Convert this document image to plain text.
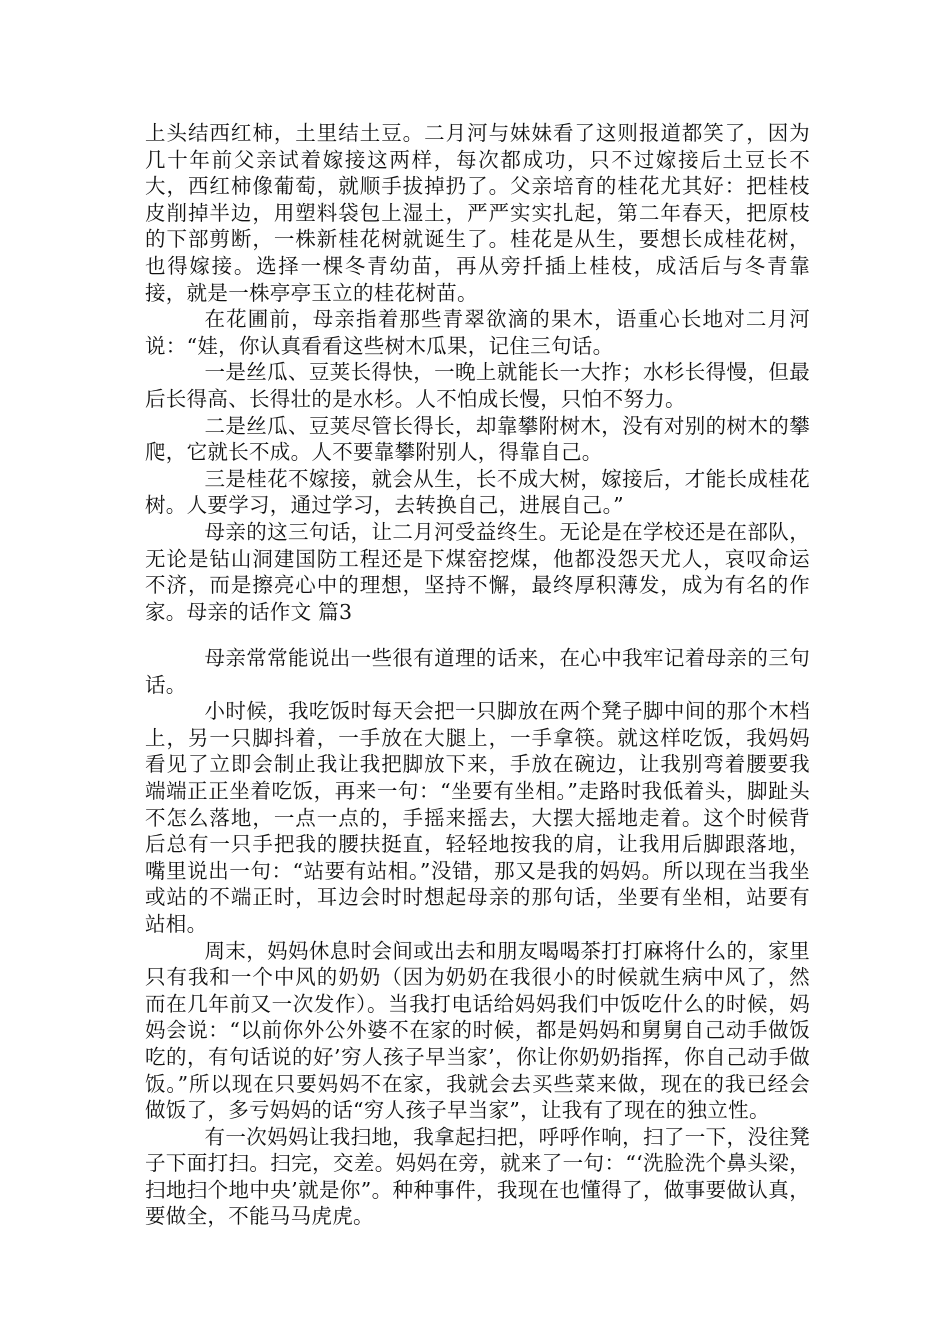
上头结西红柿，土里结土豆。二月河与妹妹看了这则报道都笑了，因为几十年前父亲试着嫁接这两样，每次都成功，只不过嫁接后土豆长不大，西红柿像葡萄，就顺手拔掉扔了。父亲培育的桂花尤其好：把桂枝皮削掉半边，用塑料袋包上湿土，严严实实扎起，第二年春天，把原枝的下部剪断，一株新桂花树就诞生了。桂花是从生，要想长成桂花树，也得嫁接。选择一棵冬青幼苗，再从旁扦插上桂枝，成活后与冬青靠接，就是一株亭亭玉立的桂花树苗。

在花圃前，母亲指着那些青翠欲滴的果木，语重心长地对二月河说：“娃，你认真看看这些树木瓜果，记住三句话。

一是丝瓜、豆荚长得快，一晚上就能长一大拃；水杉长得慢，但最后长得高、长得壮的是水杉。人不怕成长慢，只怕不努力。

二是丝瓜、豆荚尽管长得长，却靠攀附树木，没有对别的树木的攀爬，它就长不成。人不要靠攀附别人，得靠自己。

三是桂花不嫁接，就会从生，长不成大树，嫁接后，才能长成桂花树。人要学习，通过学习，去转换自己，进展自己。”

母亲的这三句话，让二月河受益终生。无论是在学校还是在部队，无论是钻山洞建国防工程还是下煤窑挖煤，他都没怨天尤人，哀叹命运不济，而是擦亮心中的理想，坚持不懈，最终厚积薄发，成为有名的作家。母亲的话作文 篇3

母亲常常能说出一些很有道理的话来，在心中我牢记着母亲的三句话。

小时候，我吃饭时每天会把一只脚放在两个凳子脚中间的那个木档上，另一只脚抖着，一手放在大腿上，一手拿筷。就这样吃饭，我妈妈看见了立即会制止我让我把脚放下来，手放在碗边，让我别弯着腰要我端端正正坐着吃饭，再来一句：“坐要有坐相。”走路时我低着头，脚趾头不怎么落地，一点一点的，手摇来摇去，大摆大摇地走着。这个时候背后总有一只手把我的腰扶挺直，轻轻地按我的肩，让我用后脚跟落地，嘴里说出一句：“站要有站相。”没错，那又是我的妈妈。所以现在当我坐或站的不端正时，耳边会时时想起母亲的那句话，坐要有坐相，站要有站相。

周末，妈妈休息时会间或出去和朋友喝喝茶打打麻将什么的，家里只有我和一个中风的奶奶（因为奶奶在我很小的时候就生病中风了，然而在几年前又一次发作）。当我打电话给妈妈我们中饭吃什么的时候，妈妈会说：“以前你外公外婆不在家的时候，都是妈妈和舅舅自己动手做饭吃的，有句话说的好’穷人孩子早当家’，你让你奶奶指挥，你自己动手做饭。”所以现在只要妈妈不在家，我就会去买些菜来做，现在的我已经会做饭了，多亏妈妈的话“穷人孩子早当家”，让我有了现在的独立性。

有一次妈妈让我扫地，我拿起扫把，呼呼作响，扫了一下，没往凳子下面打扫。扫完，交差。妈妈在旁，就来了一句：“‘洗脸洗个鼻头梁，扫地扫个地中央’就是你”。种种事件，我现在也懂得了，做事要做认真，要做全，不能马马虎虎。
